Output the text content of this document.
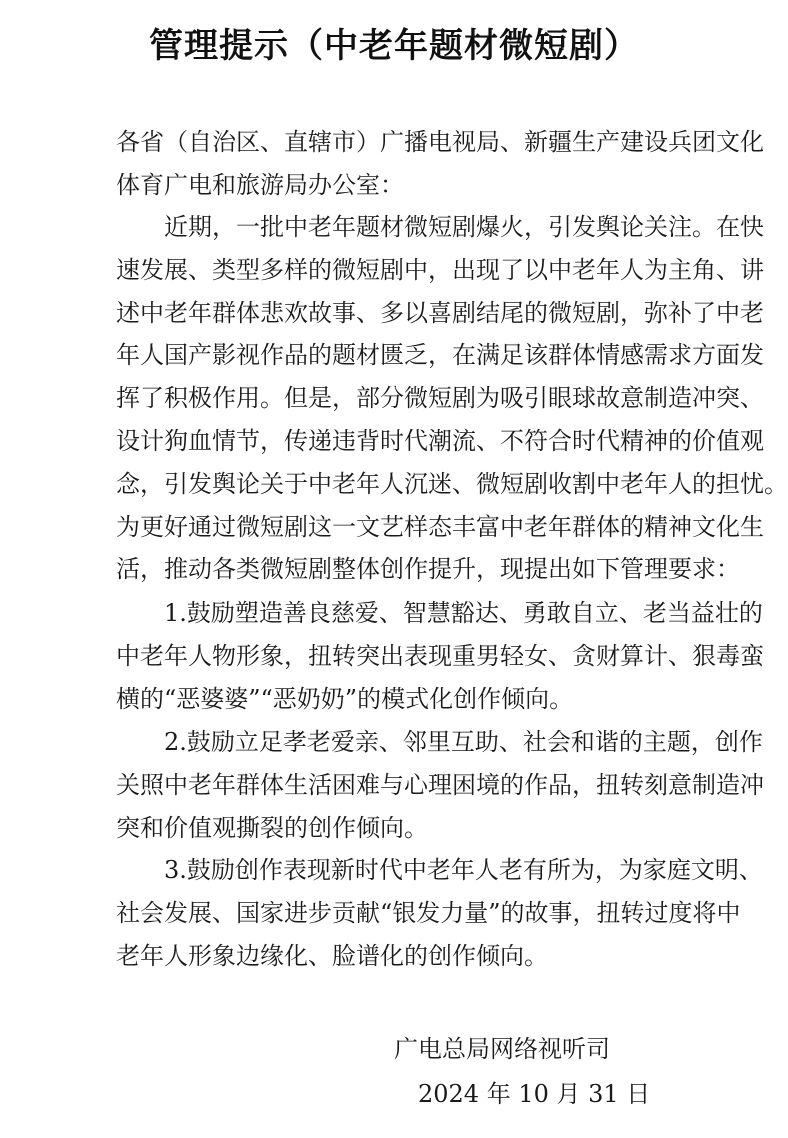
管理提示（中老年题材微短剧）
各省（自治区、直辖市）广播电视局、新疆生产建设兵团文化
体育广电和旅游局办公室：
近期，一批中老年题材微短剧爆火，引发舆论关注。在快
速发展、类型多样的微短剧中，出现了以中老年人为主角、讲
述中老年群体悲欢故事、多以喜剧结尾的微短剧，弥补了中老
年人国产影视作品的题材匮乏，在满足该群体情感需求方面发
挥了积极作用。但是，部分微短剧为吸引眼球故意制造冲突、
设计狗血情节，传递违背时代潮流、不符合时代精神的价值观
念，引发舆论关于中老年人沉迷、微短剧收割中老年人的担忧。
为更好通过微短剧这一文艺样态丰富中老年群体的精神文化生
活，推动各类微短剧整体创作提升，现提出如下管理要求：
1.鼓励塑造善良慈爱、智慧豁达、勇敢自立、老当益壮的
中老年人物形象，扭转突出表现重男轻女、贪财算计、狠毒蛮
横的“恶婆婆”“恶奶奶”的模式化创作倾向。
2.鼓励立足孝老爱亲、邻里互助、社会和谐的主题，创作
关照中老年群体生活困难与心理困境的作品，扭转刻意制造冲
突和价值观撕裂的创作倾向。
3.鼓励创作表现新时代中老年人老有所为，为家庭文明、
社会发展、国家进步贡献“银发力量”的故事，扭转过度将中
老年人形象边缘化、脸谱化的创作倾向。
广电总局网络视听司
2024 年 10 月 31 日
